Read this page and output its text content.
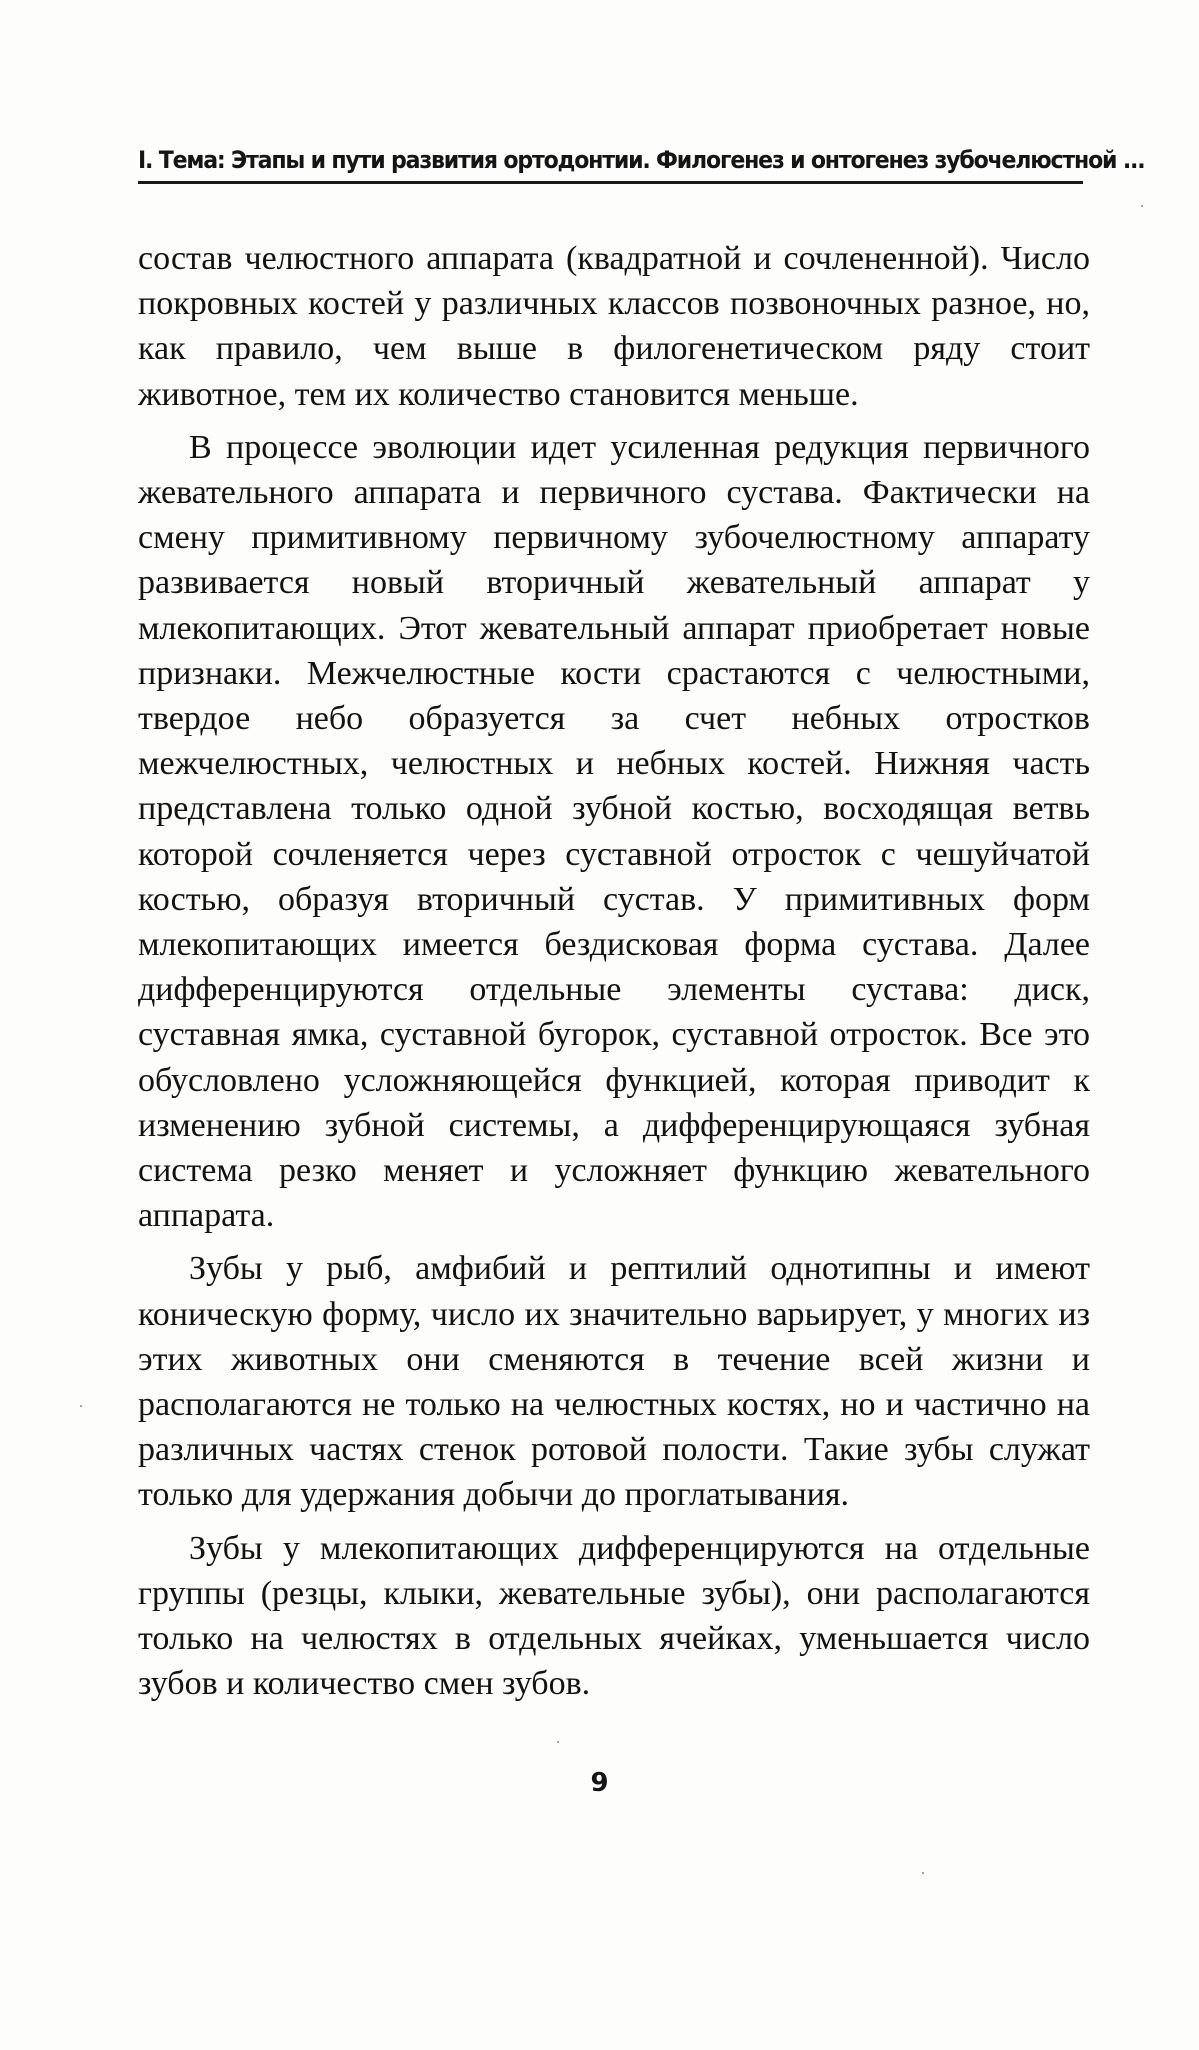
I. Тема: Этапы и пути развития ортодонтии. Филогенез и онтогенез зубочелюстной ...

состав челюстного аппарата (квадратной и сочлененной). Число покровных костей у различных классов позвоночных разное, но, как правило, чем выше в филогенетическом ряду стоит животное, тем их количество становится меньше.

В процессе эволюции идет усиленная редукция первичного жевательного аппарата и первичного сустава. Фактически на смену примитивному первичному зубочелюстному аппарату развивается новый вторичный жевательный аппарат у млекопитающих. Этот жевательный аппарат приобретает новые признаки. Межчелюстные кости срастаются с челюстными, твердое небо образуется за счет небных отростков межчелюстных, челюстных и небных костей. Нижняя часть представлена только одной зубной костью, восходящая ветвь которой сочленяется через суставной отросток с чешуйчатой костью, образуя вторичный сустав. У примитивных форм млекопитающих имеется бездисковая форма сустава. Далее дифференцируются отдельные элементы сустава: диск, суставная ямка, суставной бугорок, суставной отросток. Все это обусловлено усложняющейся функцией, которая приводит к изменению зубной системы, а дифференцирующаяся зубная система резко меняет и усложняет функцию жевательного аппарата.

Зубы у рыб, амфибий и рептилий однотипны и имеют коническую форму, число их значительно варьирует, у многих из этих животных они сменяются в течение всей жизни и располагаются не только на челюстных костях, но и частично на различных частях стенок ротовой полости. Такие зубы служат только для удержания добычи до проглатывания.

Зубы у млекопитающих дифференцируются на отдельные группы (резцы, клыки, жевательные зубы), они располагаются только на челюстях в отдельных ячейках, уменьшается число зубов и количество смен зубов.

9
